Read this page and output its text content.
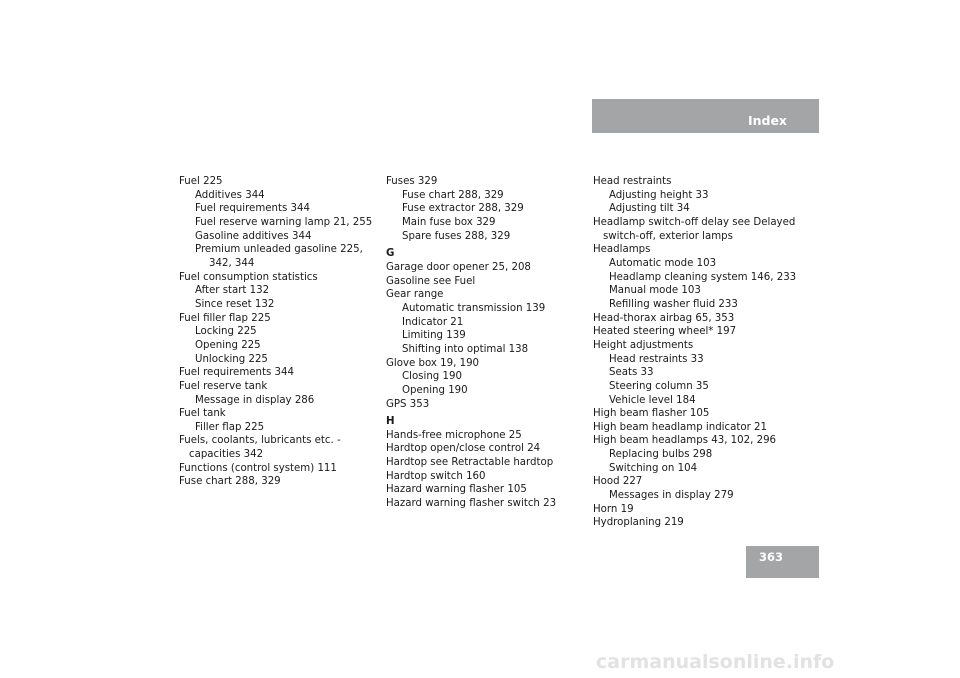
Index
Fuel 225
Additives 344
Fuel requirements 344
Fuel reserve warning lamp 21, 255
Gasoline additives 344
Premium unleaded gasoline 225,
342, 344
Fuel consumption statistics
After start 132
Since reset 132
Fuel filler flap 225
Locking 225
Opening 225
Unlocking 225
Fuel requirements 344
Fuel reserve tank
Message in display 286
Fuel tank
Filler flap 225
Fuels, coolants, lubricants etc. -
capacities 342
Functions (control system) 111
Fuse chart 288, 329
Fuses 329
Fuse chart 288, 329
Fuse extractor 288, 329
Main fuse box 329
Spare fuses 288, 329
G
Garage door opener 25, 208
Gasoline see Fuel
Gear range
Automatic transmission 139
Indicator 21
Limiting 139
Shifting into optimal 138
Glove box 19, 190
Closing 190
Opening 190
GPS 353
H
Hands-free microphone 25
Hardtop open/close control 24
Hardtop see Retractable hardtop
Hardtop switch 160
Hazard warning flasher 105
Hazard warning flasher switch 23
Head restraints
Adjusting height 33
Adjusting tilt 34
Headlamp switch-off delay see Delayed
switch-off, exterior lamps
Headlamps
Automatic mode 103
Headlamp cleaning system 146, 233
Manual mode 103
Refilling washer fluid 233
Head-thorax airbag 65, 353
Heated steering wheel* 197
Height adjustments
Head restraints 33
Seats 33
Steering column 35
Vehicle level 184
High beam flasher 105
High beam headlamp indicator 21
High beam headlamps 43, 102, 296
Replacing bulbs 298
Switching on 104
Hood 227
Messages in display 279
Horn 19
Hydroplaning 219
363
carmanualsonline.info
